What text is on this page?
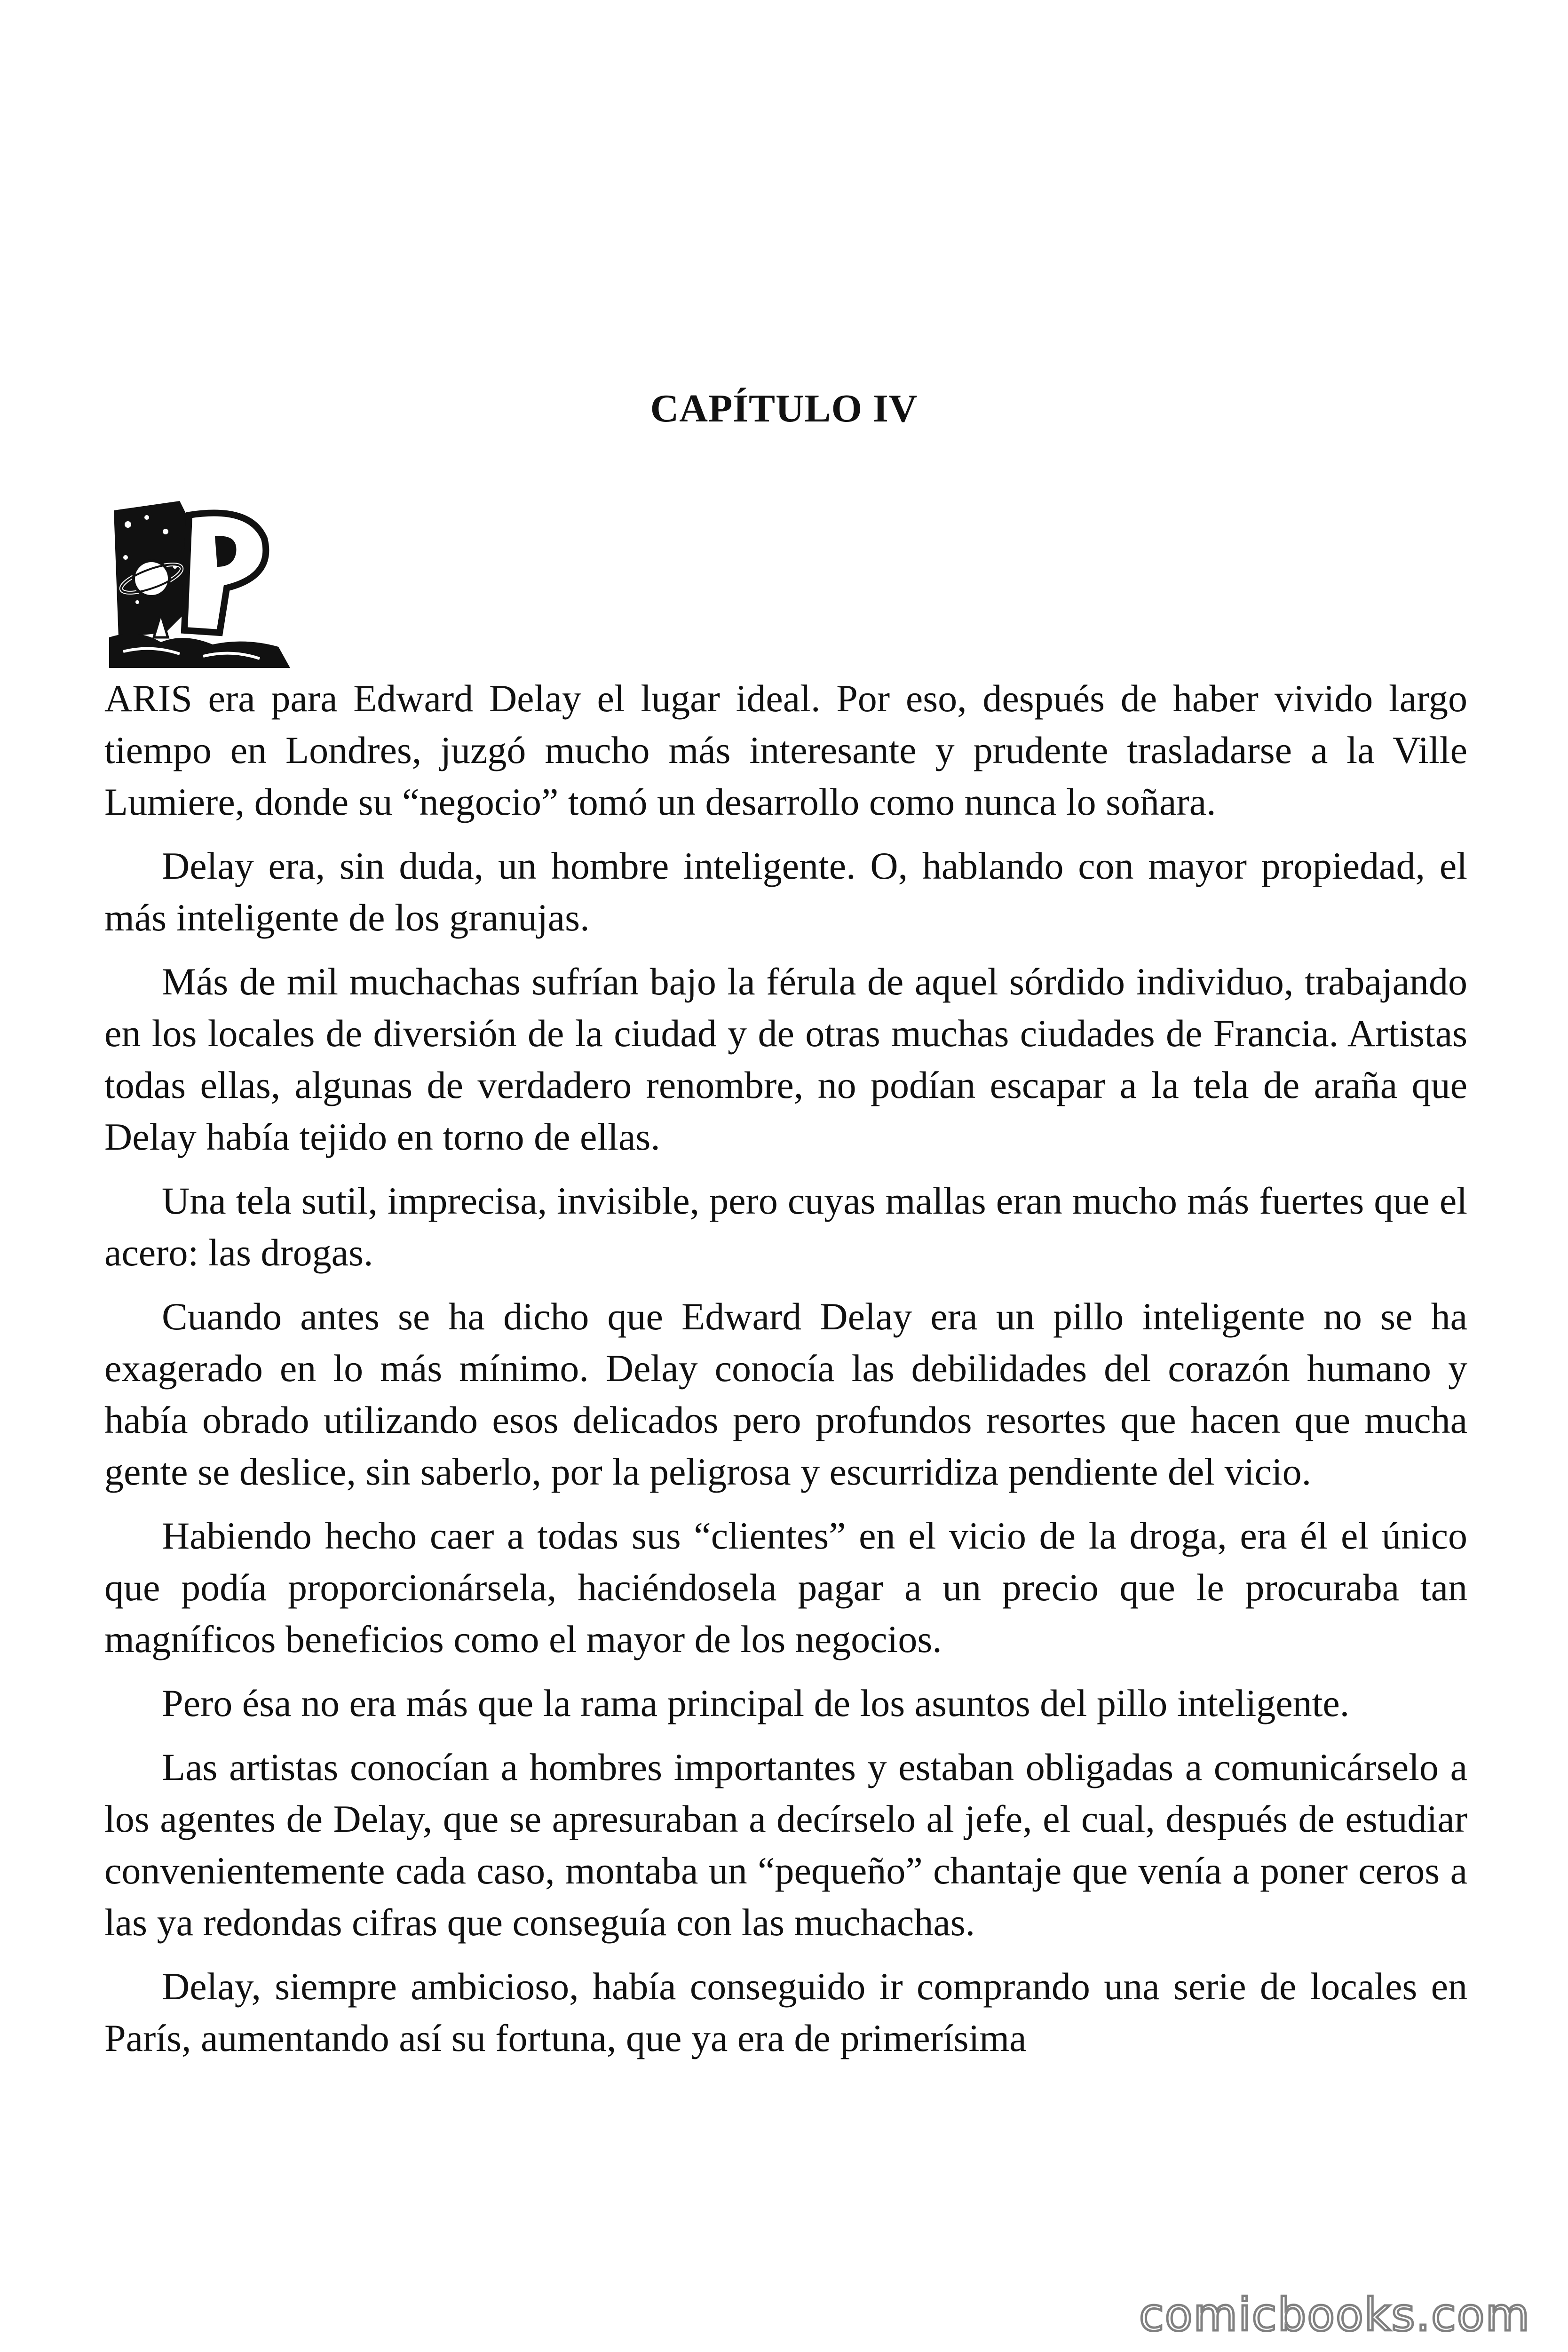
CAPÍTULO IV
P

ARIS era para Edward Delay el lugar ideal. Por eso, después de haber vivido largo tiempo en Londres, juzgó mucho más interesante y prudente trasladarse a la Ville Lumiere, donde su “negocio” tomó un desarrollo como nunca lo soñara.

Delay era, sin duda, un hombre inteligente. O, hablando con mayor propiedad, el más inteligente de los granujas.

Más de mil muchachas sufrían bajo la férula de aquel sórdido individuo, trabajando en los locales de diversión de la ciudad y de otras muchas ciudades de Francia. Artistas todas ellas, algunas de verdadero renombre, no podían escapar a la tela de araña que Delay había tejido en torno de ellas.

Una tela sutil, imprecisa, invisible, pero cuyas mallas eran mucho más fuertes que el acero: las drogas.

Cuando antes se ha dicho que Edward Delay era un pillo inteligente no se ha exagerado en lo más mínimo. Delay conocía las debilidades del corazón humano y había obrado utilizando esos delicados pero profundos resortes que hacen que mucha gente se deslice, sin saberlo, por la peligrosa y escurridiza pendiente del vicio.

Habiendo hecho caer a todas sus “clientes” en el vicio de la droga, era él el único que podía proporcionársela, haciéndosela pagar a un precio que le procuraba tan magníficos beneficios como el mayor de los negocios.

Pero ésa no era más que la rama principal de los asuntos del pillo inteligente.

Las artistas conocían a hombres importantes y estaban obligadas a comunicárselo a los agentes de Delay, que se apresuraban a decírselo al jefe, el cual, después de estudiar convenientemente cada caso, montaba un “pequeño” chantaje que venía a poner ceros a las ya redondas cifras que conseguía con las muchachas.

Delay, siempre ambicioso, había conseguido ir comprando una serie de locales en París, aumentando así su fortuna, que ya era de primerísima

comicbooks.com
